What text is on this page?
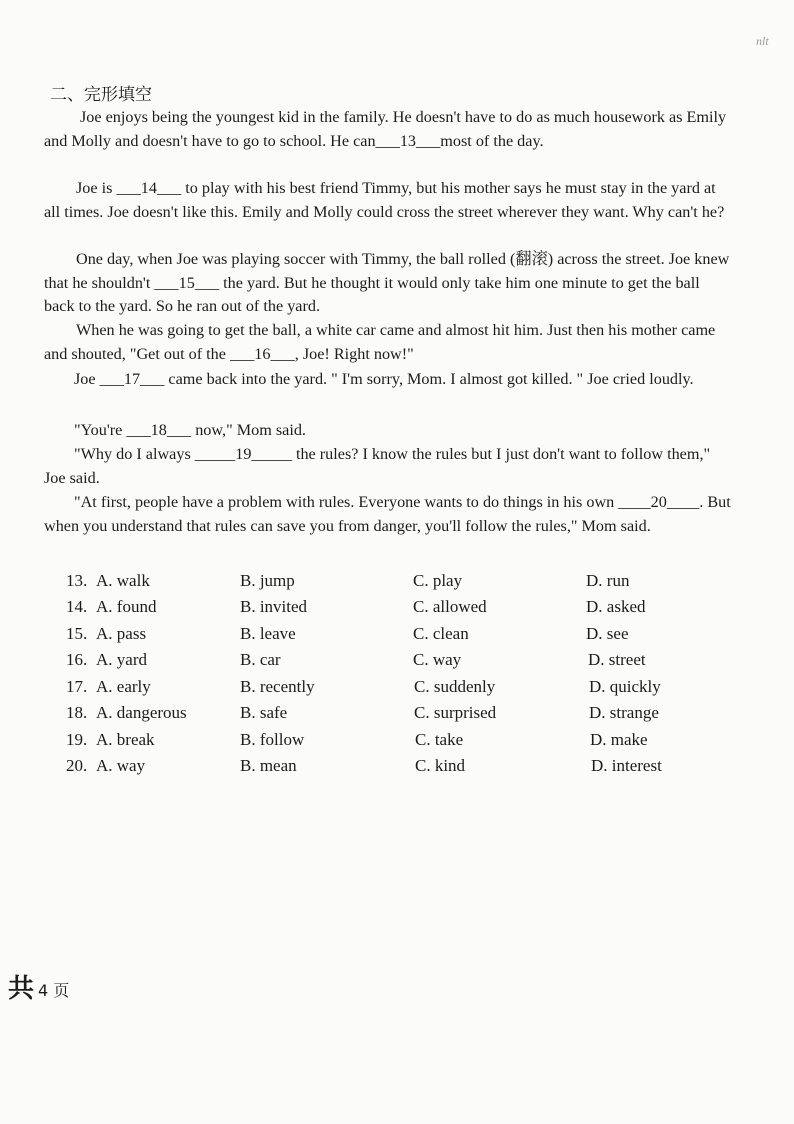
nlt
二、完形填空

Joe enjoys being the youngest kid in the family. He doesn't have to do as much housework as Emily and Molly and doesn't have to go to school. He can___13___most of the day.

Joe is ___14___ to play with his best friend Timmy, but his mother says he must stay in the yard at all times. Joe doesn't like this. Emily and Molly could cross the street wherever they want. Why can't he?

One day, when Joe was playing soccer with Timmy, the ball rolled (翻滚) across the street. Joe knew that he shouldn't ___15___ the yard. But he thought it would only take him one minute to get the ball back to the yard. So he ran out of the yard.

When he was going to get the ball, a white car came and almost hit him. Just then his mother came and shouted, "Get out of the ___16___, Joe! Right now!"

Joe ___17___ came back into the yard. " I'm sorry, Mom. I almost got killed. " Joe cried loudly.

"You're ___18___ now," Mom said.

"Why do I always _____19_____ the rules? I know the rules but I just don't want to follow them," Joe said.

"At first, people have a problem with rules. Everyone wants to do things in his own ____20____. But when you understand that rules can save you from danger, you'll follow the rules," Mom said.

13. A. walk	B. jump	C. play	D. run
14. A. found	B. invited	C. allowed	D. asked
15. A. pass	B. leave	C. clean	D. see
16. A. yard	B. car	C. way	D. street
17. A. early	B. recently	C. suddenly	D. quickly
18. A. dangerous	B. safe	C. surprised	D. strange
19. A. break	B. follow	C. take	D. make
20. A. way	B. mean	C. kind	D. interest
共 4 页
